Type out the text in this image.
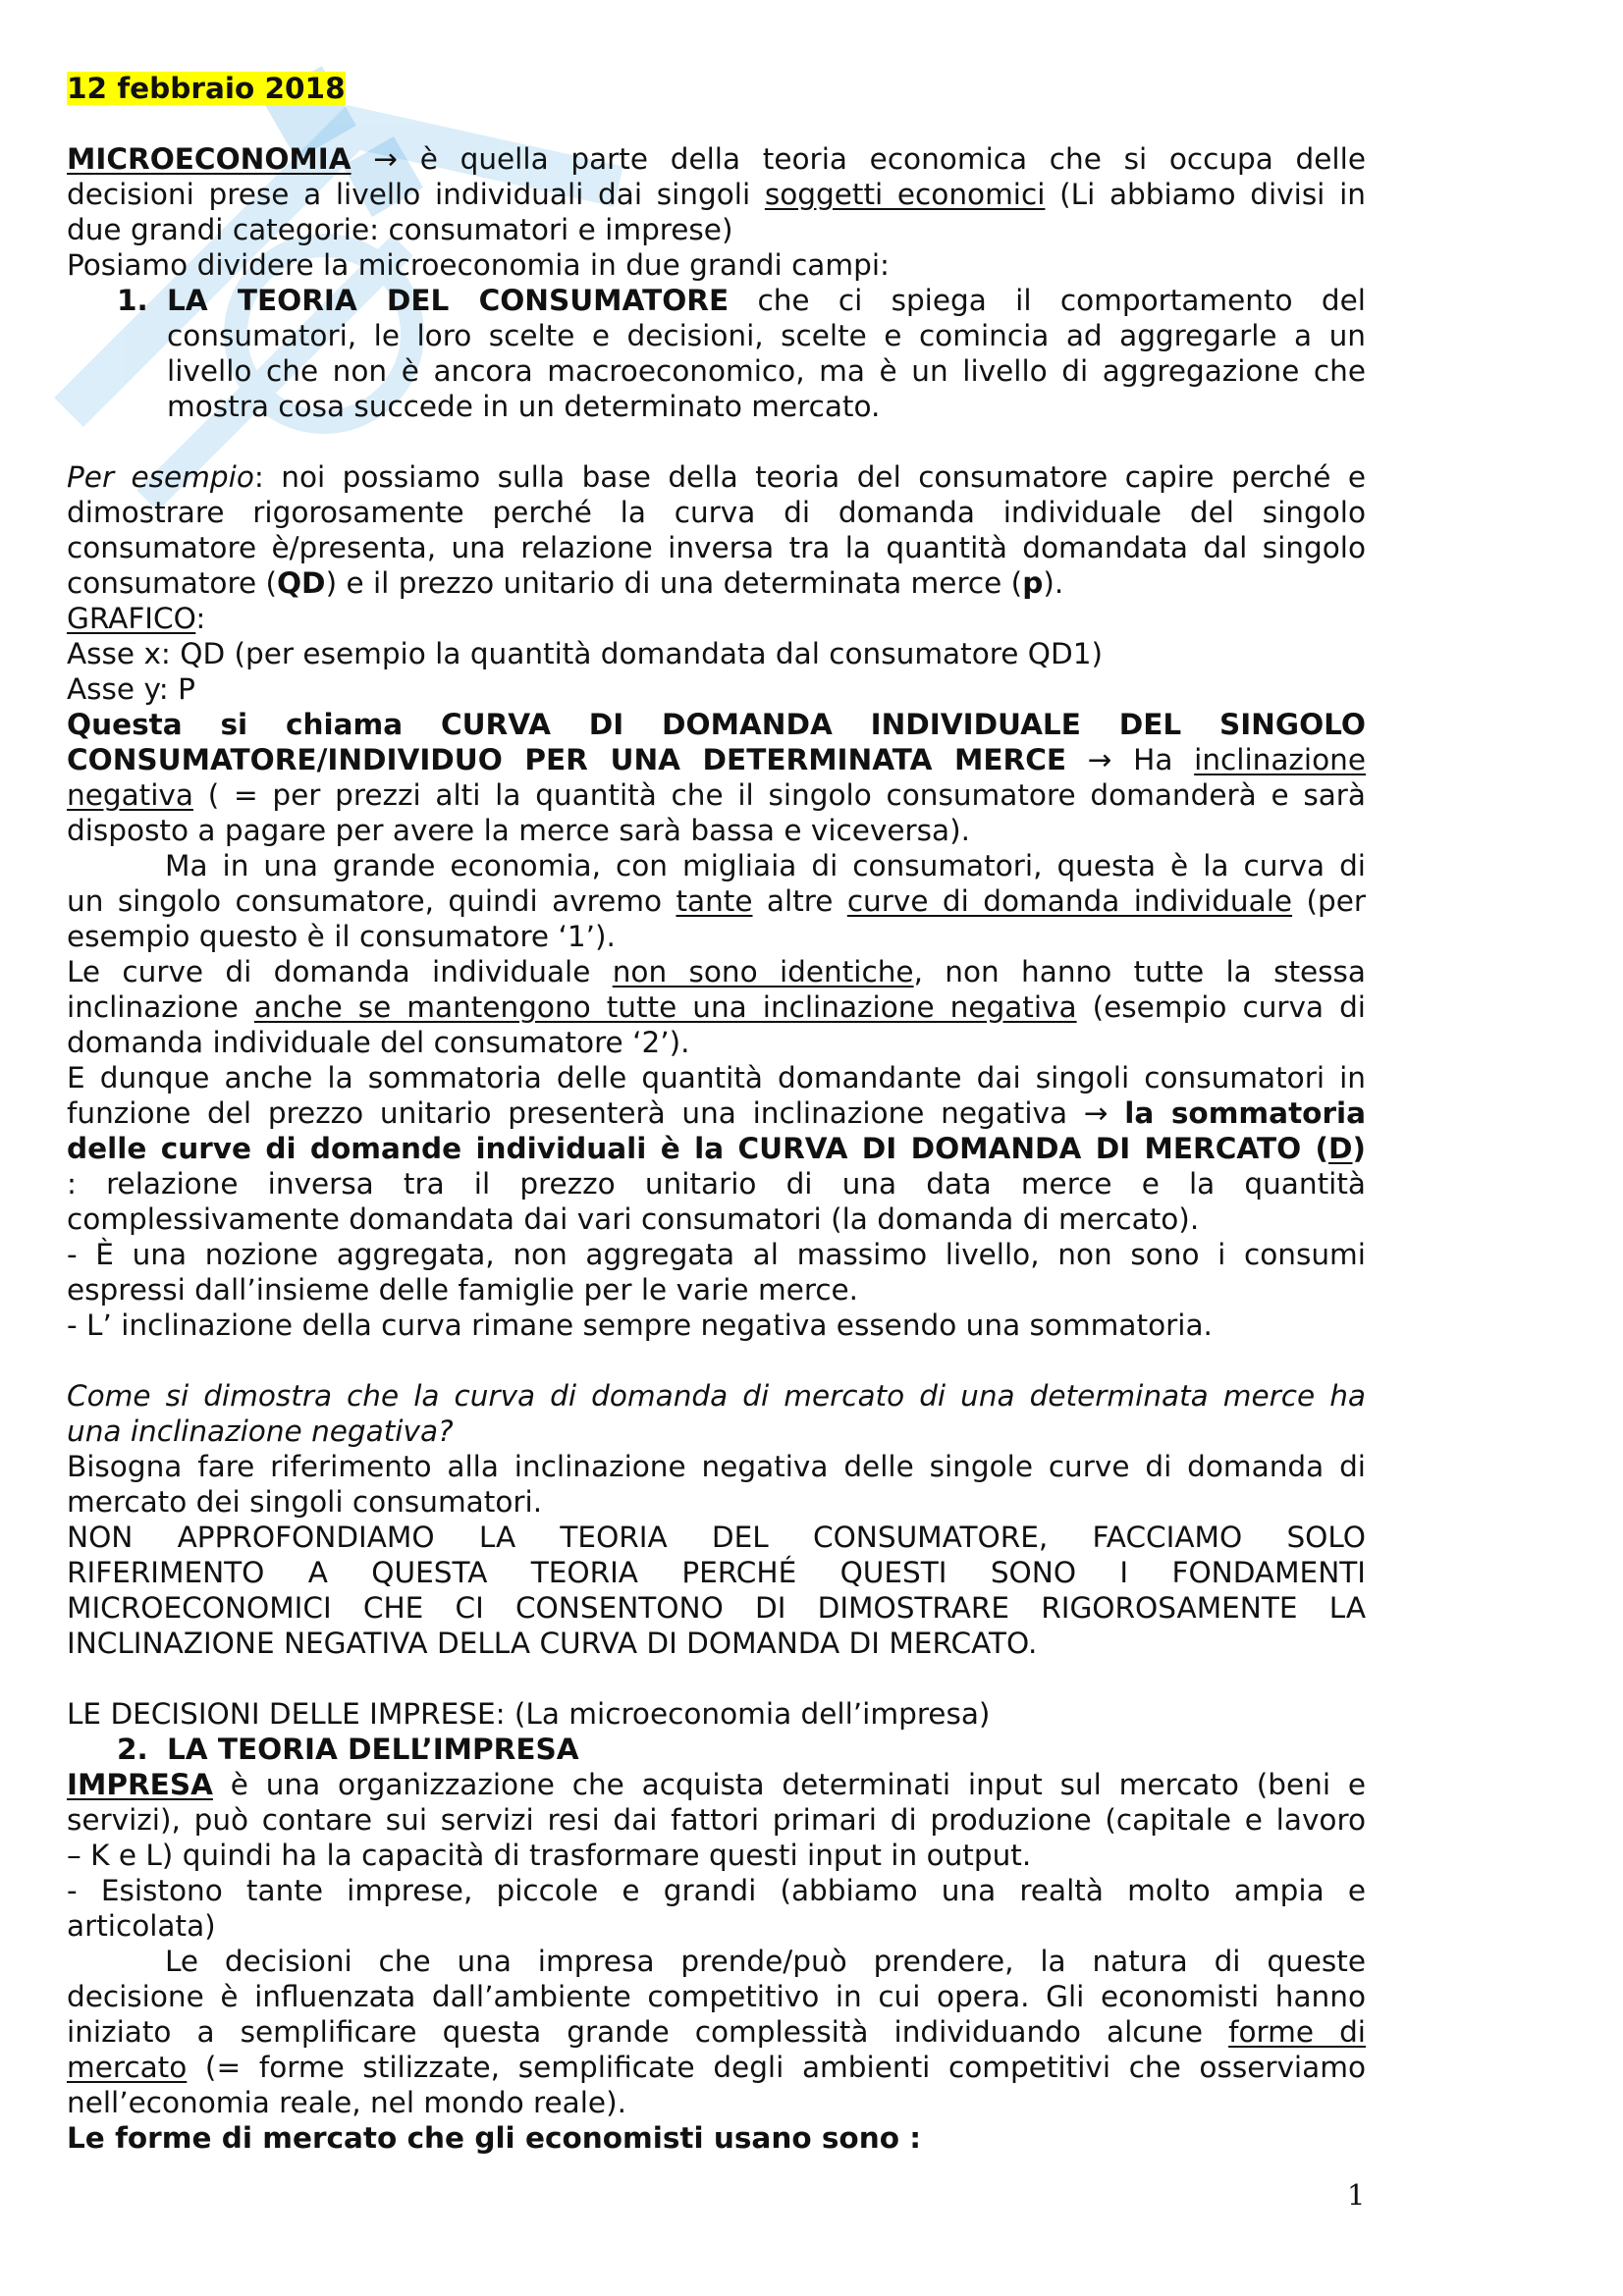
12 febbraio 2018
MICROECONOMIA → è quella parte della teoria economica che si occupa delle
decisioni prese a livello individuali dai singoli soggetti economici (Li abbiamo divisi in
due grandi categorie: consumatori e imprese)
Posiamo dividere la microeconomia in due grandi campi:
1. LA TEORIA DEL CONSUMATORE che ci spiega il comportamento del
consumatori, le loro scelte e decisioni, scelte e comincia ad aggregarle a un
livello che non è ancora macroeconomico, ma è un livello di aggregazione che
mostra cosa succede in un determinato mercato.
Per esempio: noi possiamo sulla base della teoria del consumatore capire perché e
dimostrare rigorosamente perché la curva di domanda individuale del singolo
consumatore è/presenta, una relazione inversa tra la quantità domandata dal singolo
consumatore (QD) e il prezzo unitario di una determinata merce (p).
GRAFICO:
Asse x: QD (per esempio la quantità domandata dal consumatore QD1)
Asse y: P
Questa si chiama CURVA DI DOMANDA INDIVIDUALE DEL SINGOLO
CONSUMATORE/INDIVIDUO PER UNA DETERMINATA MERCE → Ha inclinazione
negativa ( = per prezzi alti la quantità che il singolo consumatore domanderà e sarà
disposto a pagare per avere la merce sarà bassa e viceversa).
Ma in una grande economia, con migliaia di consumatori, questa è la curva di
un singolo consumatore, quindi avremo tante altre curve di domanda individuale (per
esempio questo è il consumatore ‘1’).
Le curve di domanda individuale non sono identiche, non hanno tutte la stessa
inclinazione anche se mantengono tutte una inclinazione negativa (esempio curva di
domanda individuale del consumatore ‘2’).
E dunque anche la sommatoria delle quantità domandante dai singoli consumatori in
funzione del prezzo unitario presenterà una inclinazione negativa → la sommatoria
delle curve di domande individuali è la CURVA DI DOMANDA DI MERCATO (D)
: relazione inversa tra il prezzo unitario di una data merce e la quantità
complessivamente domandata dai vari consumatori (la domanda di mercato).
- È una nozione aggregata, non aggregata al massimo livello, non sono i consumi
espressi dall’insieme delle famiglie per le varie merce.
- L’ inclinazione della curva rimane sempre negativa essendo una sommatoria.
Come si dimostra che la curva di domanda di mercato di una determinata merce ha
una inclinazione negativa?
Bisogna fare riferimento alla inclinazione negativa delle singole curve di domanda di
mercato dei singoli consumatori.
NON APPROFONDIAMO LA TEORIA DEL CONSUMATORE, FACCIAMO SOLO
RIFERIMENTO A QUESTA TEORIA PERCHÉ QUESTI SONO I FONDAMENTI
MICROECONOMICI CHE CI CONSENTONO DI DIMOSTRARE RIGOROSAMENTE LA
INCLINAZIONE NEGATIVA DELLA CURVA DI DOMANDA DI MERCATO.
LE DECISIONI DELLE IMPRESE: (La microeconomia dell’impresa)
2. LA TEORIA DELL’IMPRESA
IMPRESA è una organizzazione che acquista determinati input sul mercato (beni e
servizi), può contare sui servizi resi dai fattori primari di produzione (capitale e lavoro
– K e L) quindi ha la capacità di trasformare questi input in output.
- Esistono tante imprese, piccole e grandi (abbiamo una realtà molto ampia e
articolata)
Le decisioni che una impresa prende/può prendere, la natura di queste
decisione è influenzata dall’ambiente competitivo in cui opera. Gli economisti hanno
iniziato a semplificare questa grande complessità individuando alcune forme di
mercato (= forme stilizzate, semplificate degli ambienti competitivi che osserviamo
nell’economia reale, nel mondo reale).
Le forme di mercato che gli economisti usano sono :
1
